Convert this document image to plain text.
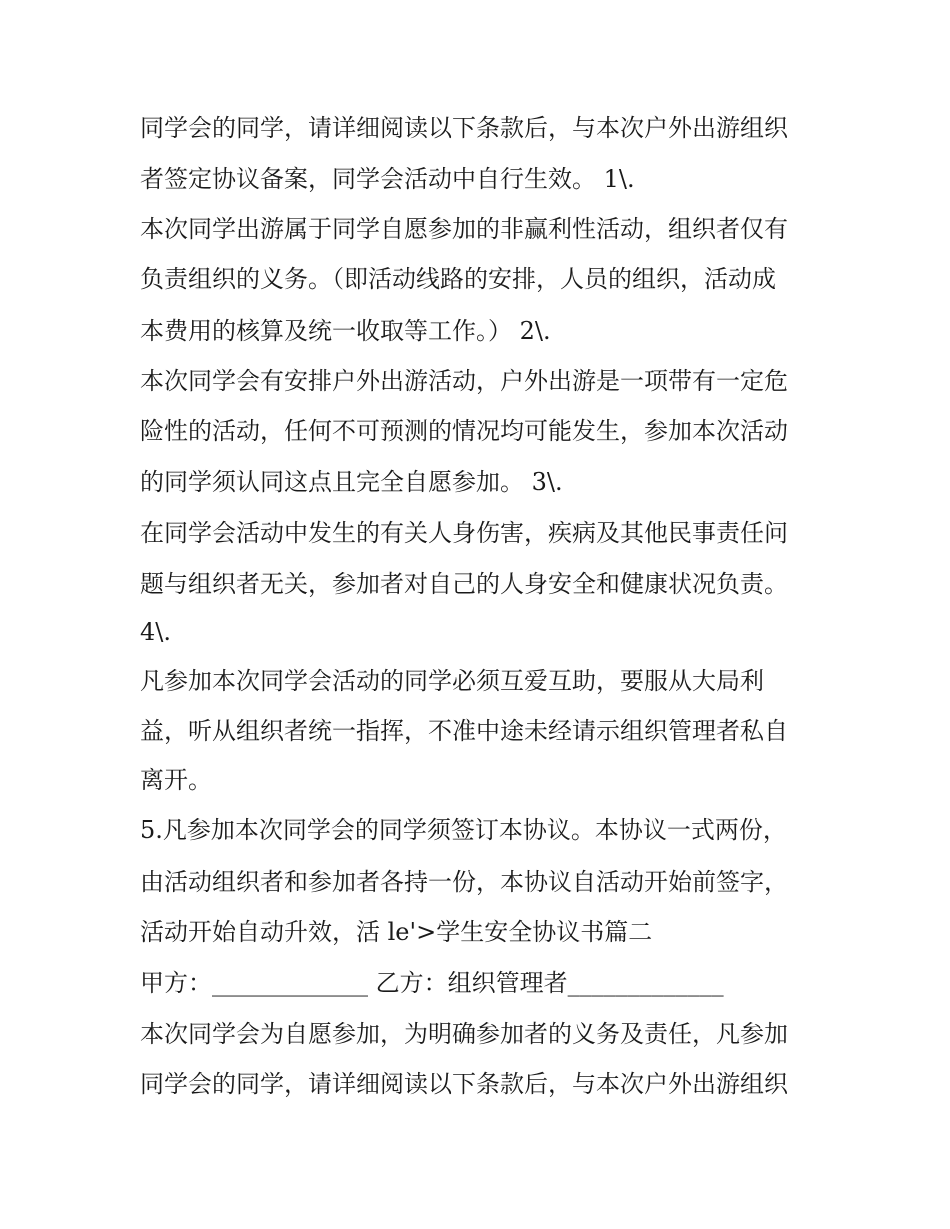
同学会的同学，请详细阅读以下条款后，与本次户外出游组织
者签定协议备案，同学会活动中自行生效。 1\.
本次同学出游属于同学自愿参加的非赢利性活动，组织者仅有
负责组织的义务。（即活动线路的安排，人员的组织，活动成
本费用的核算及统一收取等工作。） 2\.
本次同学会有安排户外出游活动，户外出游是一项带有一定危
险性的活动，任何不可预测的情况均可能发生，参加本次活动
的同学须认同这点且完全自愿参加。 3\.
在同学会活动中发生的有关人身伤害，疾病及其他民事责任问
题与组织者无关，参加者对自己的人身安全和健康状况负责。
4\.
凡参加本次同学会活动的同学必须互爱互助，要服从大局利
益，听从组织者统一指挥，不准中途未经请示组织管理者私自
离开。
5.凡参加本次同学会的同学须签订本协议。本协议一式两份，
由活动组织者和参加者各持一份，本协议自活动开始前签字，
活动开始自动升效，活 le'>学生安全协议书篇二
甲方：_____________ 乙方：组织管理者_____________
本次同学会为自愿参加，为明确参加者的义务及责任，凡参加
同学会的同学，请详细阅读以下条款后，与本次户外出游组织
